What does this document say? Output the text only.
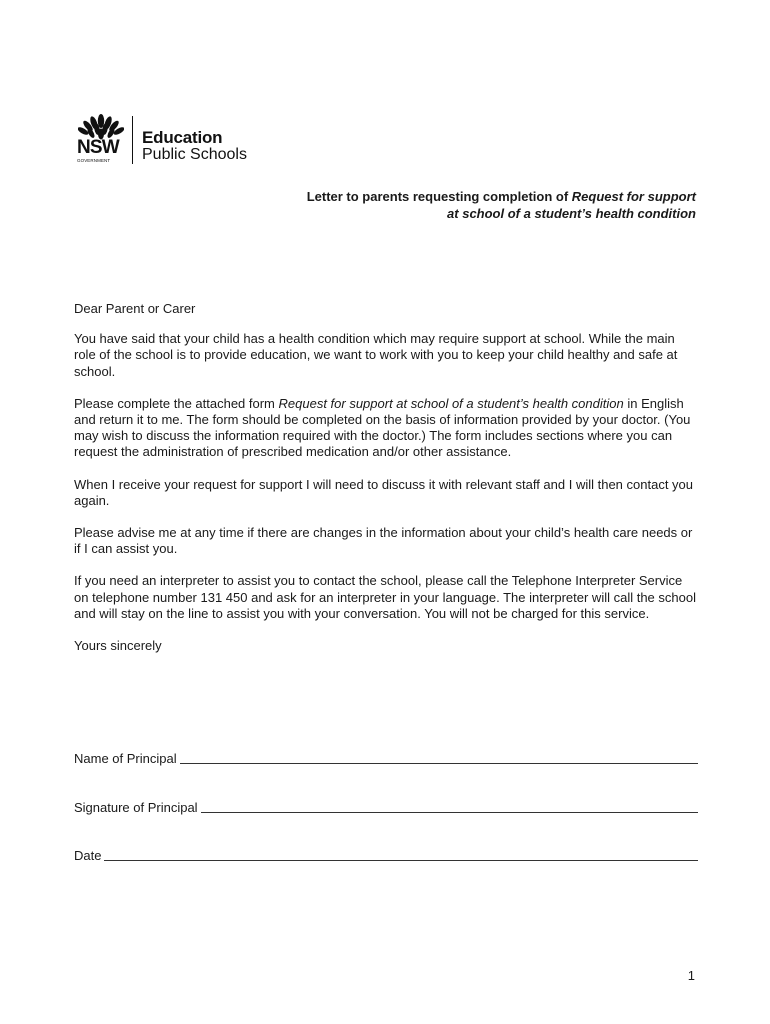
NSW
GOVERNMENT
Education
Public Schools
Letter to parents requesting completion of Request for support
at school of a student’s health condition

Dear Parent or Carer

You have said that your child has a health condition which may require support at school. While the main role of the school is to provide education, we want to work with you to keep your child healthy and safe at school.

Please complete the attached form Request for support at school of a student’s health condition in English and return it to me. The form should be completed on the basis of information provided by your doctor. (You may wish to discuss the information required with the doctor.) The form includes sections where you can request the administration of prescribed medication and/or other assistance.

When I receive your request for support I will need to discuss it with relevant staff and I will then contact you again.

Please advise me at any time if there are changes in the information about your child’s health care needs or if I can assist you.

If you need an interpreter to assist you to contact the school, please call the Telephone Interpreter Service on telephone number 131 450 and ask for an interpreter in your language. The interpreter will call the school and will stay on the line to assist you with your conversation. You will not be charged for this service.

Yours sincerely

Name of Principal
Signature of Principal
Date
1
